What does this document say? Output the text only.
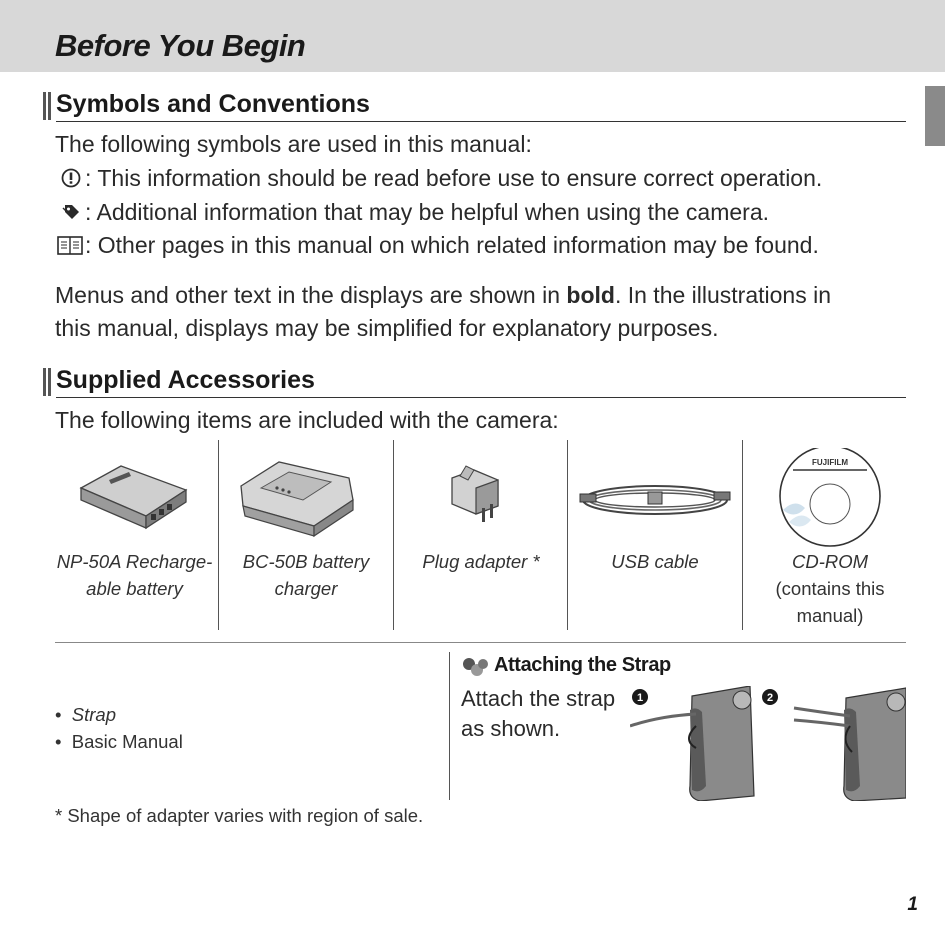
Before You Begin
Symbols and Conventions
The following symbols are used in this manual:
: This information should be read before use to ensure correct operation.
: Additional information that may be helpful when using the camera.
: Other pages in this manual on which related information may be found.
Menus and other text in the displays are shown in bold. In the illustrations in
this manual, displays may be simplified for explanatory purposes.
Supplied Accessories
The following items are included with the camera:
NP-50A Recharge-
able battery
BC-50B battery
charger
Plug adapter *	USB cable
FUJIFILM
CD-ROM
(contains this
manual)
•  Strap
•  Basic Manual
* Shape of adapter varies with region of sale.
Attaching the Strap
Attach the strap
as shown.
1	2
1
